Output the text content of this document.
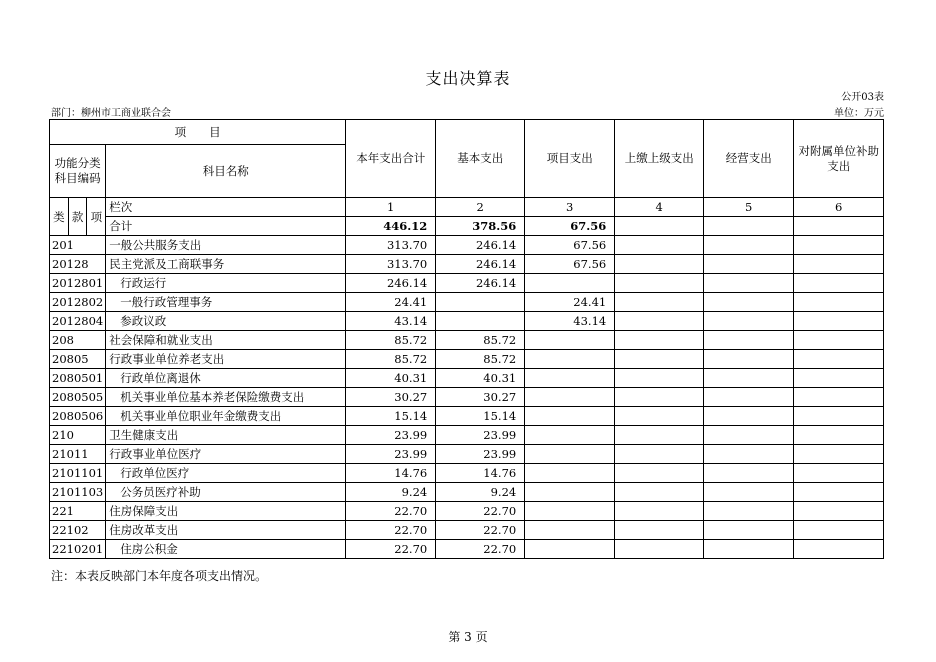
支出决算表
公开03表
部门：柳州市工商业联合会	单位：万元
项　　目				本年支出合计	基本支出	项目支出	上缴上级支出	经营支出	对附属单位补助支出
功能分类科目编码			科目名称						
类	款	项	栏次	1	2	3	4	5	6
			合计	446.12	378.56	67.56			
201			一般公共服务支出	313.70	246.14	67.56			
20128			民主党派及工商联事务	313.70	246.14	67.56			
2012801			行政运行	246.14	246.14				
2012802			一般行政管理事务	24.41		24.41			
2012804			参政议政	43.14		43.14			
208			社会保障和就业支出	85.72	85.72				
20805			行政事业单位养老支出	85.72	85.72				
2080501			行政单位离退休	40.31	40.31				
2080505			机关事业单位基本养老保险缴费支出	30.27	30.27				
2080506			机关事业单位职业年金缴费支出	15.14	15.14				
210			卫生健康支出	23.99	23.99				
21011			行政事业单位医疗	23.99	23.99				
2101101			行政单位医疗	14.76	14.76				
2101103			公务员医疗补助	9.24	9.24				
221			住房保障支出	22.70	22.70				
22102			住房改革支出	22.70	22.70				
2210201			住房公积金	22.70	22.70				
注：本表反映部门本年度各项支出情况。
第 3 页
